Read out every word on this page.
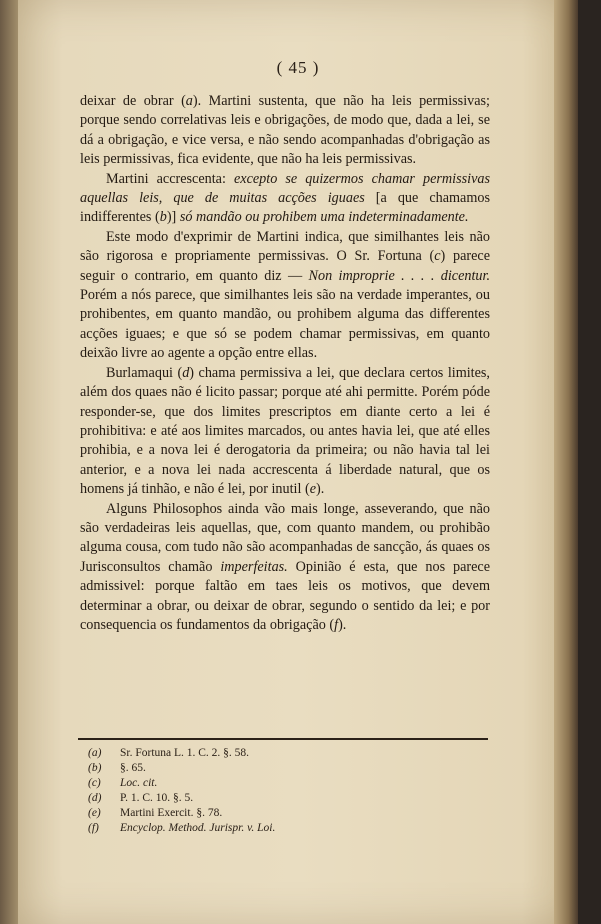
( 45 )

deixar de obrar (a). Martini sustenta, que não ha leis permissivas; porque sendo correlativas leis e obrigações, de modo que, dada a lei, se dá a obrigação, e vice versa, e não sendo acompanhadas d'obrigação as leis permissivas, fica evidente, que não ha leis permissivas.

Martini accrescenta: excepto se quizermos chamar permissivas aquellas leis, que de muitas acções iguaes [a que chamamos indifferentes (b)] só mandão ou prohibem uma indeterminadamente.

Este modo d'exprimir de Martini indica, que similhantes leis não são rigorosa e propriamente permissivas. O Sr. Fortuna (c) parece seguir o contrario, em quanto diz — Non improprie . . . . dicentur. Porém a nós parece, que similhantes leis são na verdade imperantes, ou prohibentes, em quanto mandão, ou prohibem alguma das differentes acções iguaes; e que só se podem chamar permissivas, em quanto deixão livre ao agente a opção entre ellas.

Burlamaqui (d) chama permissiva a lei, que declara certos limites, além dos quaes não é licito passar; porque até ahi permitte. Porém póde responder-se, que dos limites prescriptos em diante certo a lei é prohibitiva: e até aos limites marcados, ou antes havia lei, que até elles prohibia, e a nova lei é derogatoria da primeira; ou não havia tal lei anterior, e a nova lei nada accrescenta á liberdade natural, que os homens já tinhão, e não é lei, por inutil (e).

Alguns Philosophos ainda vão mais longe, asseverando, que não são verdadeiras leis aquellas, que, com quanto mandem, ou prohibão alguma cousa, com tudo não são acompanhadas de sancção, ás quaes os Jurisconsultos chamão imperfeitas. Opinião é esta, que nos parece admissivel: porque faltão em taes leis os motivos, que devem determinar a obrar, ou deixar de obrar, segundo o sentido da lei; e por consequencia os fundamentos da obrigação (f).

(a)	Sr. Fortuna L. 1. C. 2. §. 58.
(b)	§. 65.
(c)	Loc. cit.
(d)	P. 1. C. 10. §. 5.
(e)	Martini Exercit. §. 78.
(f)	Encyclop. Method. Jurispr. v. Loi.
